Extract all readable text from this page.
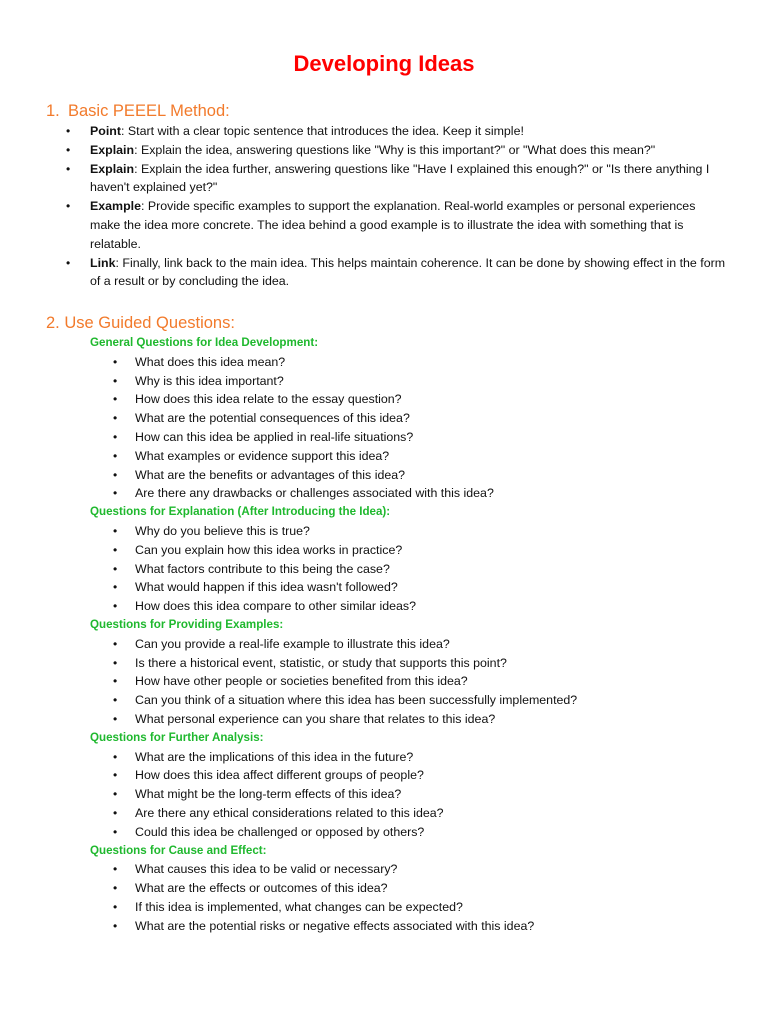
Developing Ideas
1. Basic PEEEL Method:
•	Point: Start with a clear topic sentence that introduces the idea. Keep it simple!
•	Explain: Explain the idea, answering questions like "Why is this important?" or "What does this mean?"
•	Explain: Explain the idea further, answering questions like "Have I explained this enough?" or "Is there anything I haven't explained yet?"
•	Example: Provide specific examples to support the explanation. Real-world examples or personal experiences make the idea more concrete. The idea behind a good example is to illustrate the idea with something that is relatable.
•	Link: Finally, link back to the main idea. This helps maintain coherence. It can be done by showing effect in the form of a result or by concluding the idea.
2. Use Guided Questions:
General Questions for Idea Development:
•	What does this idea mean?
•	Why is this idea important?
•	How does this idea relate to the essay question?
•	What are the potential consequences of this idea?
•	How can this idea be applied in real-life situations?
•	What examples or evidence support this idea?
•	What are the benefits or advantages of this idea?
•	Are there any drawbacks or challenges associated with this idea?
Questions for Explanation (After Introducing the Idea):
•	Why do you believe this is true?
•	Can you explain how this idea works in practice?
•	What factors contribute to this being the case?
•	What would happen if this idea wasn't followed?
•	How does this idea compare to other similar ideas?
Questions for Providing Examples:
•	Can you provide a real-life example to illustrate this idea?
•	Is there a historical event, statistic, or study that supports this point?
•	How have other people or societies benefited from this idea?
•	Can you think of a situation where this idea has been successfully implemented?
•	What personal experience can you share that relates to this idea?
Questions for Further Analysis:
•	What are the implications of this idea in the future?
•	How does this idea affect different groups of people?
•	What might be the long-term effects of this idea?
•	Are there any ethical considerations related to this idea?
•	Could this idea be challenged or opposed by others?
Questions for Cause and Effect:
•	What causes this idea to be valid or necessary?
•	What are the effects or outcomes of this idea?
•	If this idea is implemented, what changes can be expected?
•	What are the potential risks or negative effects associated with this idea?
